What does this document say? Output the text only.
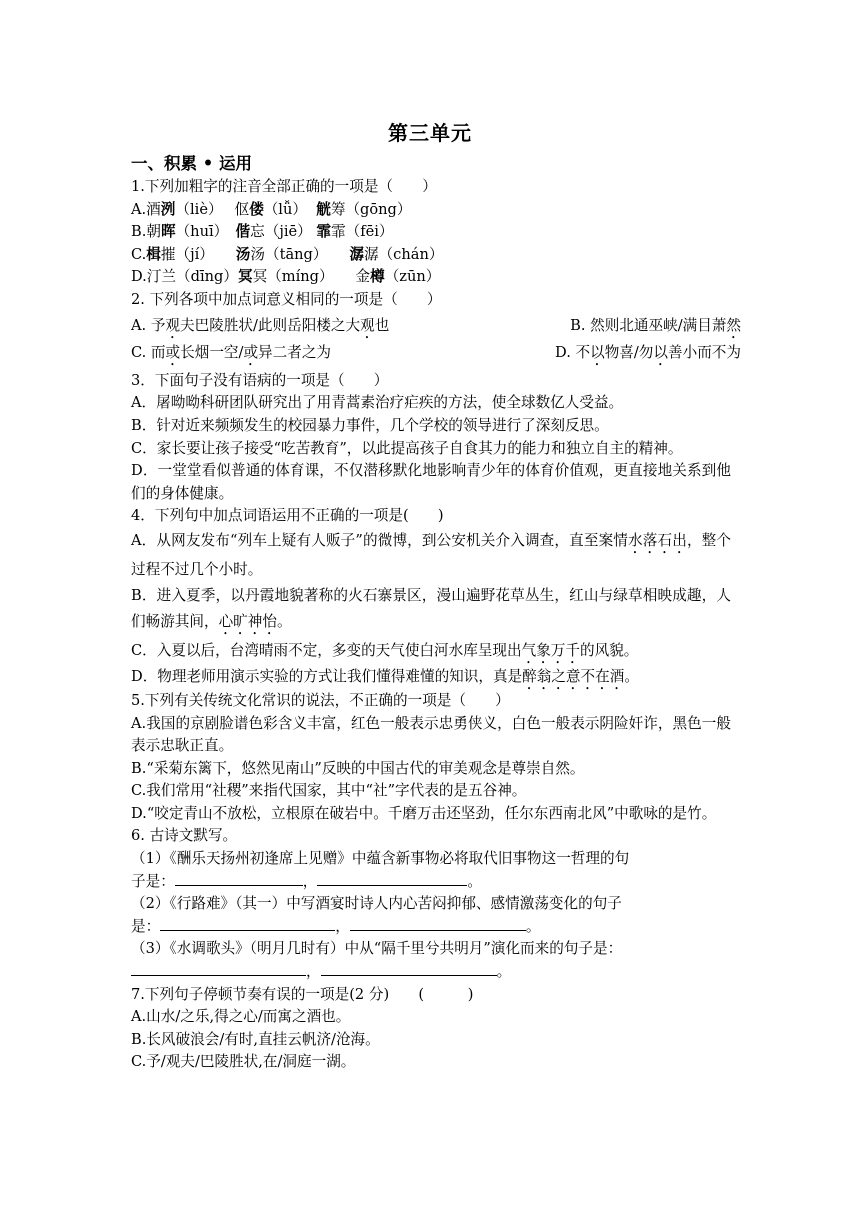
第三单元
一、积累 • 运用
1.下列加粗字的注音全部正确的一项是（　　）
A.酒洌（liè）　 伛偻（lǚ） 觥筹（gōng）
B.朝晖（huī）　偕忘（jiē） 霏霏（fēi）
C.楫摧（jí）　　汤汤（tāng）　　潺潺（chán）
D.汀兰（dīng）冥冥（míng）　　金樽（zūn）
2. 下列各项中加点词意义相同的一项是（　　）
A. 予观夫巴陵胜状/此则岳阳楼之大观也	B. 然则北通巫峡/满目萧然
C. 而或长烟一空/或异二者之为	D. 不以物喜/勿以善小而不为
3．下面句子没有语病的一项是（　　）
A．屠呦呦科研团队研究出了用青蒿素治疗疟疾的方法，使全球数亿人受益。
B．针对近来频频发生的校园暴力事件，几个学校的领导进行了深刻反思。
C．家长要让孩子接受“吃苦教育”，以此提高孩子自食其力的能力和独立自主的精神。
D．一堂堂看似普通的体育课，不仅潜移默化地影响青少年的体育价值观，更直接地关系到他们的身体健康。
4．下列句中加点词语运用不正确的一项是(　　)
A．从网友发布“列车上疑有人贩子”的微博，到公安机关介入调查，直至案情水落石出，整个过程不过几个小时。
B．进入夏季，以丹霞地貌著称的火石寨景区，漫山遍野花草丛生，红山与绿草相映成趣，人们畅游其间，心旷神怡。
C．入夏以后，台湾晴雨不定，多变的天气使白河水库呈现出气象万千的风貌。
D．物理老师用演示实验的方式让我们懂得难懂的知识，真是醉翁之意不在酒。
5.下列有关传统文化常识的说法，不正确的一项是（　　）
A.我国的京剧脸谱色彩含义丰富，红色一般表示忠勇侠义，白色一般表示阴险奸诈，黑色一般表示忠耿正直。
B.“采菊东篱下，悠然见南山”反映的中国古代的审美观念是尊崇自然。
C.我们常用“社稷”来指代国家，其中“社”字代表的是五谷神。
D.“咬定青山不放松，立根原在破岩中。千磨万击还坚劲，任尔东西南北风”中歌咏的是竹。
6. 古诗文默写。
（1）《酬乐天扬州初逢席上见赠》中蕴含新事物必将取代旧事物这一哲理的句
子是：	，	。
（2）《行路难》（其一）中写酒宴时诗人内心苦闷抑郁、感情激荡变化的句子
是：	，	。
（3）《水调歌头》（明月几时有）中从“隔千里兮共明月”演化而来的句子是：
，	。
7.下列句子停顿节奏有误的一项是(2 分)　　(　　　)
A.山水/之乐,得之心/而寓之酒也。
B.长风破浪会/有时,直挂云帆济/沧海。
C.予/观夫/巴陵胜状,在/洞庭一湖。
